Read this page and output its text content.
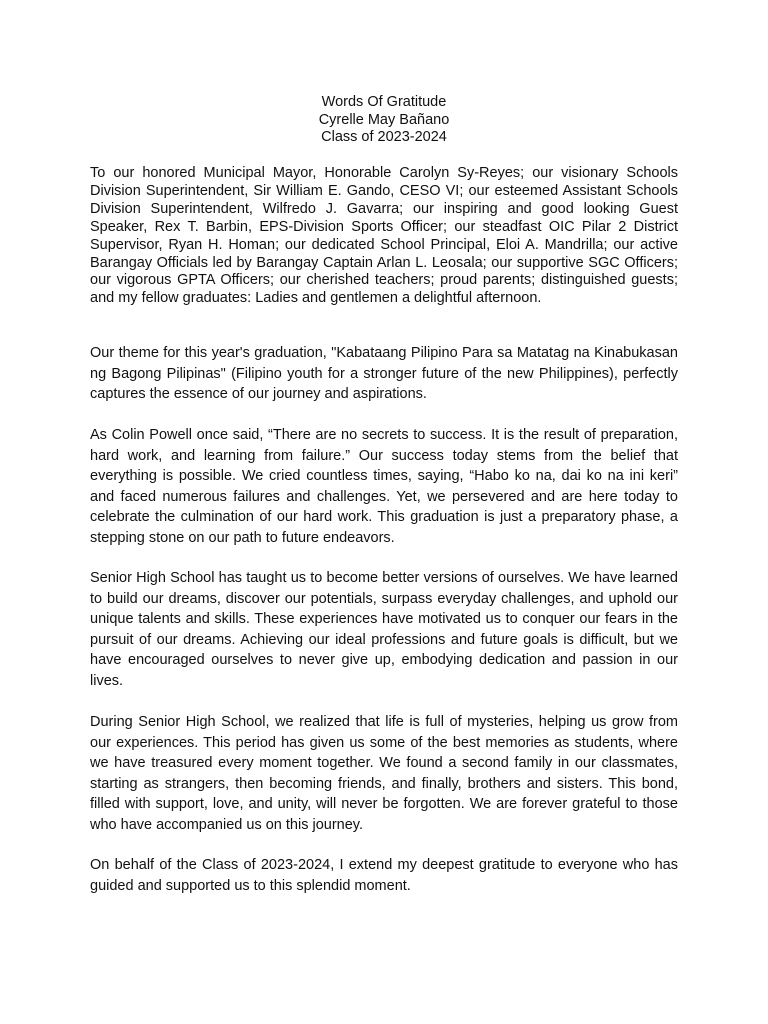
Words Of Gratitude
Cyrelle May Bañano
Class of 2023-2024

To our honored Municipal Mayor, Honorable Carolyn Sy-Reyes; our visionary Schools Division Superintendent, Sir William E. Gando, CESO VI; our esteemed Assistant Schools Division Superintendent, Wilfredo J. Gavarra; our inspiring and good looking Guest Speaker, Rex T. Barbin, EPS-Division Sports Officer; our steadfast OIC Pilar 2 District Supervisor, Ryan H. Homan; our dedicated School Principal, Eloi A. Mandrilla; our active Barangay Officials led by Barangay Captain Arlan L. Leosala; our supportive SGC Officers; our vigorous GPTA Officers; our cherished teachers; proud parents; distinguished guests; and my fellow graduates: Ladies and gentlemen a delightful afternoon.

Our theme for this year's graduation, "Kabataang Pilipino Para sa Matatag na Kinabukasan ng Bagong Pilipinas" (Filipino youth for a stronger future of the new Philippines), perfectly captures the essence of our journey and aspirations.

As Colin Powell once said, “There are no secrets to success. It is the result of preparation, hard work, and learning from failure.” Our success today stems from the belief that everything is possible. We cried countless times, saying, “Habo ko na, dai ko na ini keri” and faced numerous failures and challenges. Yet, we persevered and are here today to celebrate the culmination of our hard work. This graduation is just a preparatory phase, a stepping stone on our path to future endeavors.

Senior High School has taught us to become better versions of ourselves. We have learned to build our dreams, discover our potentials, surpass everyday challenges, and uphold our unique talents and skills. These experiences have motivated us to conquer our fears in the pursuit of our dreams. Achieving our ideal professions and future goals is difficult, but we have encouraged ourselves to never give up, embodying dedication and passion in our lives.

During Senior High School, we realized that life is full of mysteries, helping us grow from our experiences. This period has given us some of the best memories as students, where we have treasured every moment together. We found a second family in our classmates, starting as strangers, then becoming friends, and finally, brothers and sisters. This bond, filled with support, love, and unity, will never be forgotten. We are forever grateful to those who have accompanied us on this journey.

On behalf of the Class of 2023-2024, I extend my deepest gratitude to everyone who has guided and supported us to this splendid moment.
